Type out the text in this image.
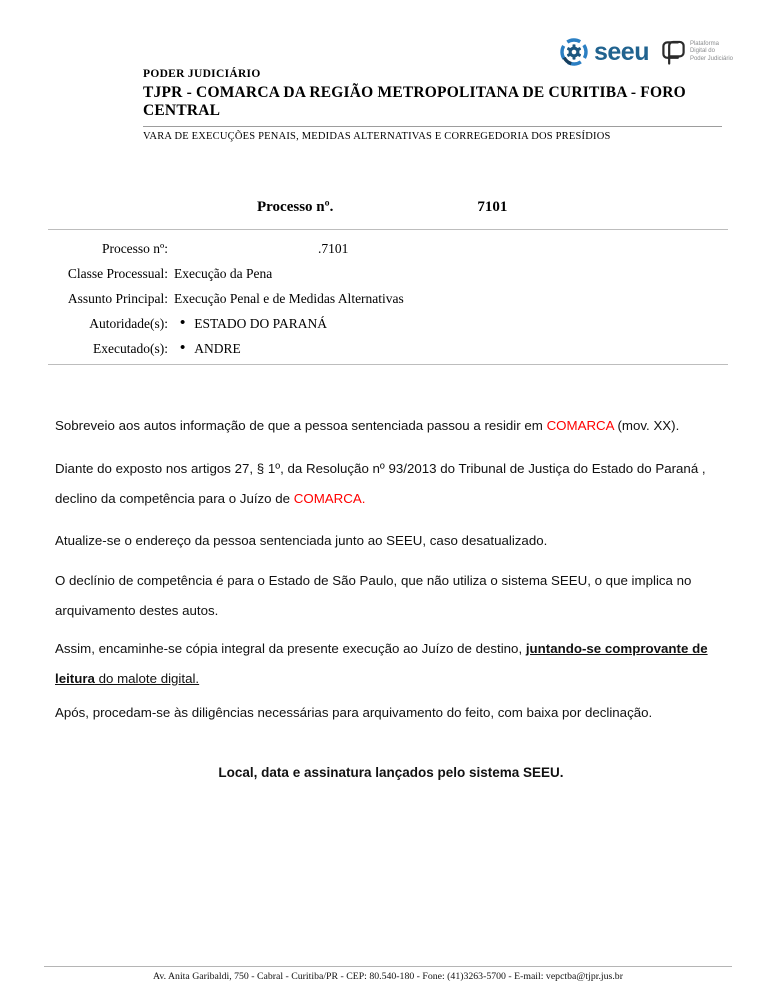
seeu	Plataforma
Digital do
Poder Judiciário
PODER JUDICIÁRIO
TJPR - COMARCA DA REGIÃO METROPOLITANA DE CURITIBA - FORO CENTRAL
VARA DE EXECUÇÕES PENAIS, MEDIDAS ALTERNATIVAS E CORREGEDORIA DOS PRESÍDIOS
Processo nº.	7101
Processo nº:	.7101
Classe Processual: Execução da Pena
Assunto Principal: Execução Penal e de Medidas Alternativas
Autoridade(s): • ESTADO DO PARANÁ
Executado(s): • ANDRE

Sobreveio aos autos informação de que a pessoa sentenciada passou a residir em COMARCA (mov. XX).

Diante do exposto nos artigos 27, § 1º, da Resolução nº 93/2013 do Tribunal de Justiça do Estado do Paraná , declino da competência para o Juízo de COMARCA.

Atualize-se o endereço da pessoa sentenciada junto ao SEEU, caso desatualizado.

O declínio de competência é para o Estado de São Paulo, que não utiliza o sistema SEEU, o que implica no arquivamento destes autos.

Assim, encaminhe-se cópia integral da presente execução ao Juízo de destino, juntando-se comprovante de leitura do malote digital.

Após, procedam-se às diligências necessárias para arquivamento do feito, com baixa por declinação.

Local, data e assinatura lançados pelo sistema SEEU.
Av. Anita Garibaldi, 750 - Cabral - Curitiba/PR - CEP: 80.540-180 - Fone: (41)3263-5700 - E-mail: vepctba@tjpr.jus.br
